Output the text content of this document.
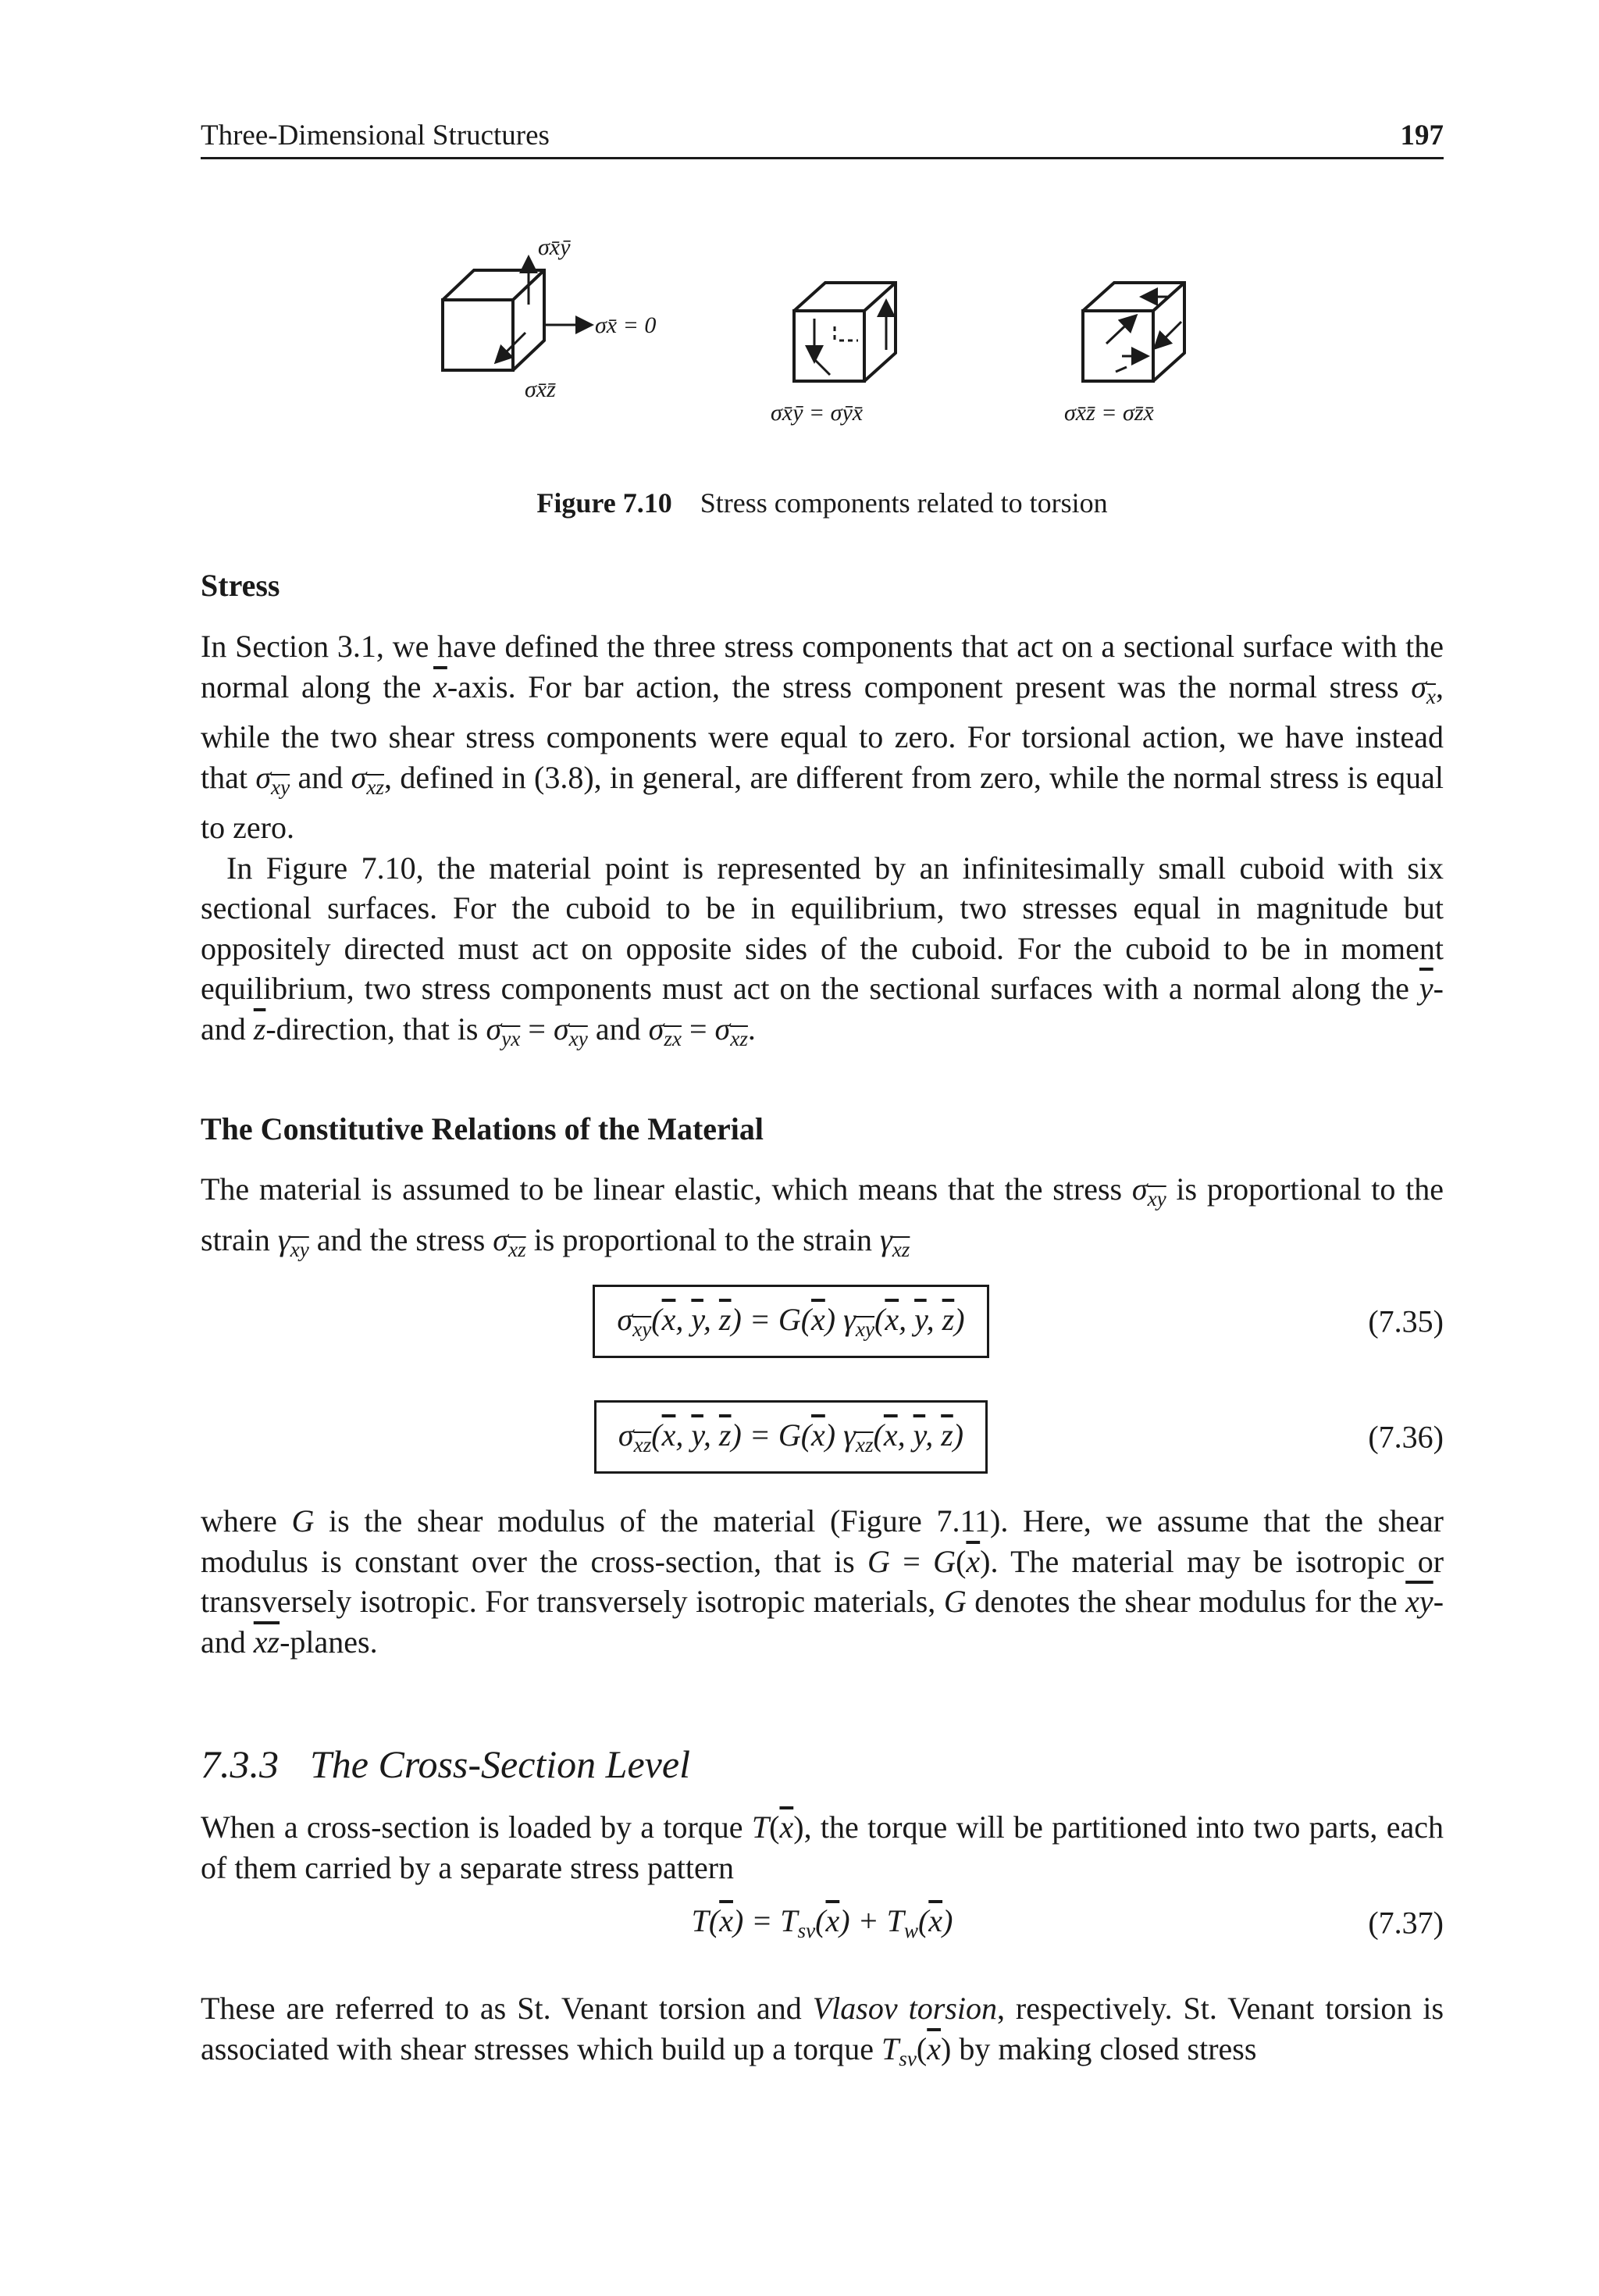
Three-Dimensional Structures	197
σx̄ȳ
σx̄ = 0
σx̄z̄
σx̄ȳ = σȳx̄	σx̄z̄ = σz̄x̄
Figure 7.10 Stress components related to torsion
Stress

In Section 3.1, we have defined the three stress components that act on a sectional surface with the normal along the $\overline{x}$-axis. For bar action, the stress component present was the normal stress $\sigma_{\overline{x}}$, while the two shear stress components were equal to zero. For torsional action, we have instead that $\sigma_{\overline{xy}}$ and $\sigma_{\overline{xz}}$, defined in (3.8), in general, are different from zero, while the normal stress is equal to zero.

In Figure 7.10, the material point is represented by an infinitesimally small cuboid with six sectional surfaces. For the cuboid to be in equilibrium, two stresses equal in magnitude but oppositely directed must act on opposite sides of the cuboid. For the cuboid to be in moment equilibrium, two stress components must act on the sectional surfaces with a normal along the $\overline{y}-$ and $\overline{z}$-direction, that is $\sigma_{\overline{yx}} = \sigma_{\overline{xy}}$ and $\sigma_{\overline{zx}} = \sigma_{\overline{xz}}$.

The Constitutive Relations of the Material

The material is assumed to be linear elastic, which means that the stress $\sigma_{\overline{xy}}$ is proportional to the strain $\gamma_{\overline{xy}}$ and the stress $\sigma_{\overline{xz}}$ is proportional to the strain $\gamma_{\overline{xz}}$

$\sigma_{\overline{xy}}(\overline{x}$, $\overline{y}$, $\overline{z}) = G(\overline{x})$ $\gamma_{\overline{xy}}(\overline{x}$, $\overline{y}$, $\overline{z}$)	(7.35)
$\sigma_{\overline{xz}}(\overline{x}$, $\overline{y}$, $\overline{z}) = G(\overline{x})$ $\gamma_{\overline{xz}}(\overline{x}$, $\overline{y}$, $\overline{z}$)	(7.36)

where G is the shear modulus of the material (Figure 7.11). Here, we assume that the shear modulus is constant over the cross-section, that is $G = G(\overline{x})$. The material may be isotropic or transversely isotropic. For transversely isotropic materials, G denotes the shear modulus for the $\overline{xy}-$ and $\overline{xz}$-planes.

7.3.3 The Cross-Section Level

When a cross-section is loaded by a torque $T(\overline{x})$, the torque will be partitioned into two parts, each of them carried by a separate stress pattern

$T(\overline{x}) = T_{sv}(\overline{x}) + T_w(\overline{x})$	(7.37)

These are referred to as St. Venant torsion and Vlasov torsion, respectively. St. Venant torsion is associated with shear stresses which build up a torque $T_{sv}(\overline{x})$ by making closed stress
